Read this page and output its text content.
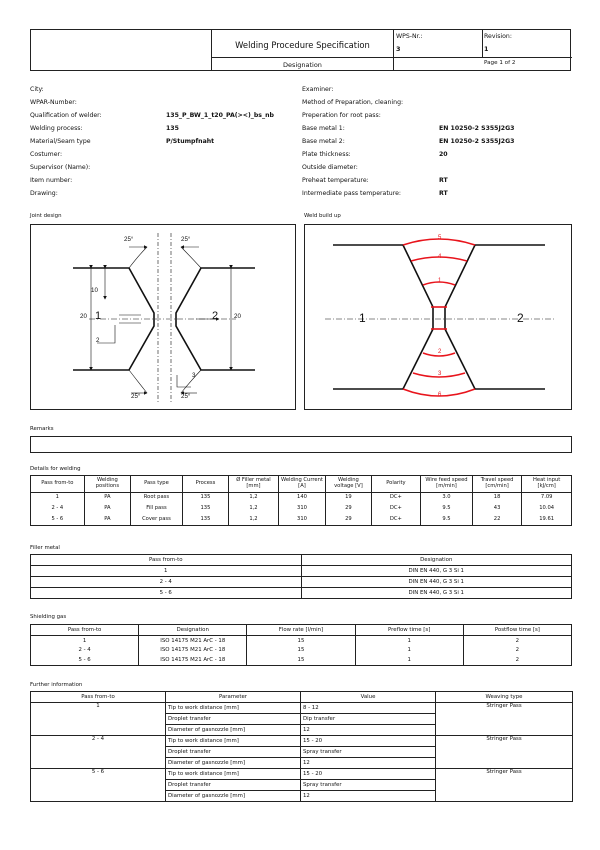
Welding Procedure Specification
Designation
WPS-Nr.:
3
Revision:
1
Page 1 of 2
City:
WPAR-Number:
Qualification of welder:	135_P_BW_1_t20_PA(><)_bs_nb
Welding process:	135
Material/Seam type	P/Stumpfnaht
Costumer:
Supervisor (Name):
Item number:
Drawing:
Examiner:
Method of Preparation, cleaning:
Preperation for root pass:
Base metal 1:	EN 10250-2 S355J2G3
Base metal 2:	EN 10250-2 S355J2G3
Plate thickness:	20
Outside diameter:
Preheat temperature:	RT
Intermediate pass temperature:	RT
Joint design
25°	25°
25°	25°
10
20	20
2
3
1	2
Weld build up
5
4
1
2
3
6
1	2
Remarks
Details for welding
Pass from-to	Welding positions	Pass type	Process	Ø Filler metal [mm]	Welding Current [A]	Welding voltage [V]	Polarity	Wire feed speed [m/min]	Travel speed [cm/min]	Heat input [kJ/cm]
1	PA	Root pass	135	1,2	140	19	DC+	3.0	18	7.09
2 - 4	PA	Fill pass	135	1,2	310	29	DC+	9.5	43	10.04
5 - 6	PA	Cover pass	135	1,2	310	29	DC+	9.5	22	19.61
Filler metal
Pass from-to	Designation
1	DIN EN 440, G 3 Si 1
2 - 4	DIN EN 440, G 3 Si 1
5 - 6	DIN EN 440, G 3 Si 1
Shielding gas
Pass from-to	Designation	Flow rate [l/min]	Preflow time [s]	Postflow time [s]
1	ISO 14175 M21 ArC - 18	15	1	2
2 - 4	ISO 14175 M21 ArC - 18	15	1	2
5 - 6	ISO 14175 M21 ArC - 18	15	1	2
Further information
Pass from-to	Parameter	Value	Weaving type
1	Tip to work distance [mm]	8 - 12	Stringer Pass
	Droplet transfer	Dip transfer	
	Diameter of gasnozzle [mm]	12	
2 - 4	Tip to work distance [mm]	15 - 20	Stringer Pass
	Droplet transfer	Spray transfer	
	Diameter of gasnozzle [mm]	12	
5 - 6	Tip to work distance [mm]	15 - 20	Stringer Pass
	Droplet transfer	Spray transfer	
	Diameter of gasnozzle [mm]	12	
